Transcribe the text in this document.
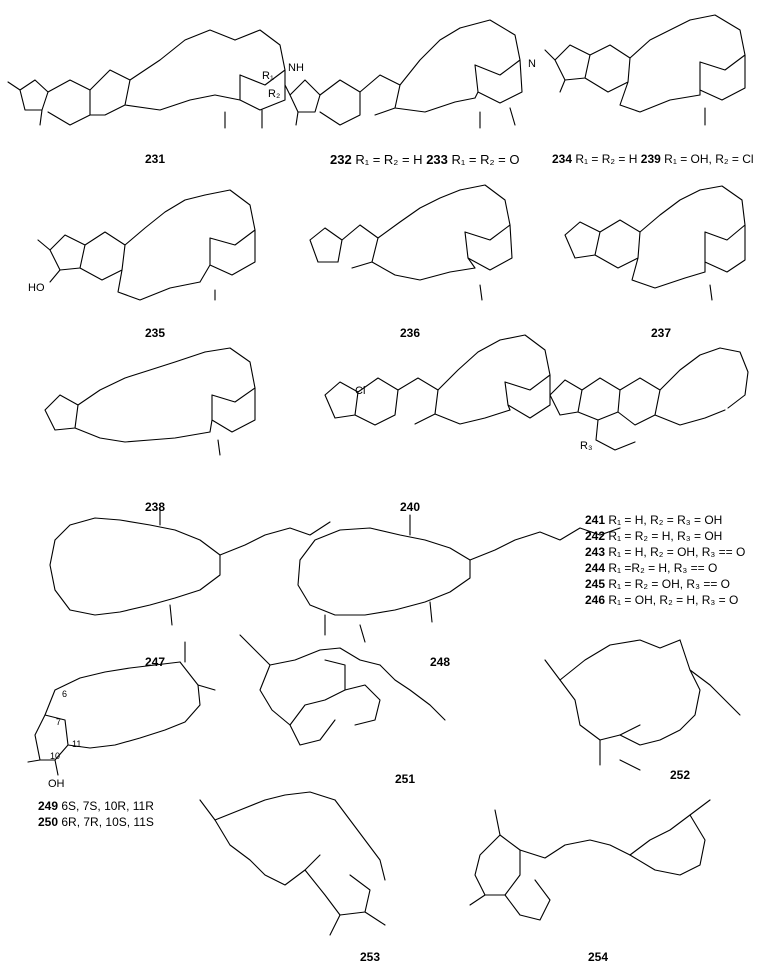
NH	N
R₁
R₂
Cl
R₃
HO
OH
6
7
10
11
231	232 R₁ = R₂ = H 233 R₁ = R₂ = O	234 R₁ = R₂ = H 239 R₁ = OH, R₂ = Cl
235	236	237
238	240
241 R₁ = H, R₂ = R₃ = OH
242 R₁ = R₂ = H, R₃ = OH
243 R₁ = H, R₂ = OH, R₃ == O
244 R₁ =R₂ = H, R₃ == O
245 R₁ = R₂ = OH, R₃ == O
246 R₁ = OH, R₂ = H, R₃ = O
247	248
249 6S, 7S, 10R, 11R
250 6R, 7R, 10S, 11S
251	252
253	254
